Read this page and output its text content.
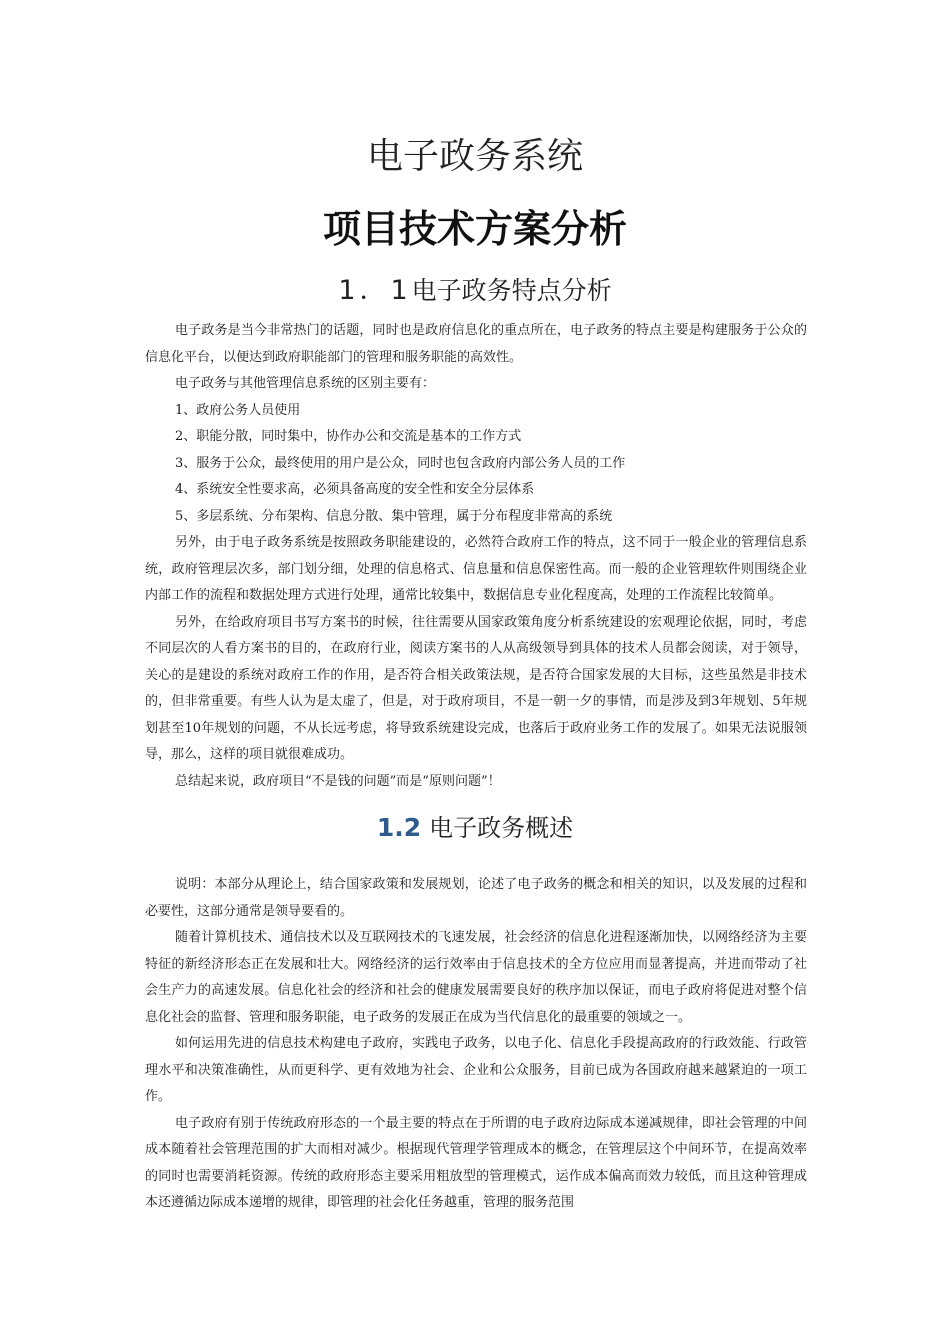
电子政务系统
项目技术方案分析
1．1电子政务特点分析

电子政务是当今非常热门的话题，同时也是政府信息化的重点所在，电子政务的特点主要是构建服务于公众的信息化平台，以便达到政府职能部门的管理和服务职能的高效性。

电子政务与其他管理信息系统的区别主要有：

1、政府公务人员使用

2、职能分散，同时集中，协作办公和交流是基本的工作方式

3、服务于公众，最终使用的用户是公众，同时也包含政府内部公务人员的工作

4、系统安全性要求高，必须具备高度的安全性和安全分层体系

5、多层系统、分布架构、信息分散、集中管理，属于分布程度非常高的系统

另外，由于电子政务系统是按照政务职能建设的，必然符合政府工作的特点，这不同于一般企业的管理信息系统，政府管理层次多，部门划分细，处理的信息格式、信息量和信息保密性高。而一般的企业管理软件则围绕企业内部工作的流程和数据处理方式进行处理，通常比较集中，数据信息专业化程度高，处理的工作流程比较简单。

另外，在给政府项目书写方案书的时候，往往需要从国家政策角度分析系统建设的宏观理论依据，同时，考虑不同层次的人看方案书的目的，在政府行业，阅读方案书的人从高级领导到具体的技术人员都会阅读，对于领导，关心的是建设的系统对政府工作的作用，是否符合相关政策法规，是否符合国家发展的大目标，这些虽然是非技术的，但非常重要。有些人认为是太虚了，但是，对于政府项目，不是一朝一夕的事情，而是涉及到3年规划、5年规划甚至10年规划的问题，不从长远考虑，将导致系统建设完成，也落后于政府业务工作的发展了。如果无法说服领导，那么，这样的项目就很难成功。

总结起来说，政府项目“不是钱的问题”而是“原则问题”！

1.2 电子政务概述

说明：本部分从理论上，结合国家政策和发展规划，论述了电子政务的概念和相关的知识，以及发展的过程和必要性，这部分通常是领导要看的。

随着计算机技术、通信技术以及互联网技术的飞速发展，社会经济的信息化进程逐渐加快，以网络经济为主要特征的新经济形态正在发展和壮大。网络经济的运行效率由于信息技术的全方位应用而显著提高，并进而带动了社会生产力的高速发展。信息化社会的经济和社会的健康发展需要良好的秩序加以保证，而电子政府将促进对整个信息化社会的监督、管理和服务职能，电子政务的发展正在成为当代信息化的最重要的领域之一。

如何运用先进的信息技术构建电子政府，实践电子政务，以电子化、信息化手段提高政府的行政效能、行政管理水平和决策准确性，从而更科学、更有效地为社会、企业和公众服务，目前已成为各国政府越来越紧迫的一项工作。

电子政府有别于传统政府形态的一个最主要的特点在于所谓的电子政府边际成本递减规律，即社会管理的中间成本随着社会管理范围的扩大而相对减少。根据现代管理学管理成本的概念，在管理层这个中间环节，在提高效率的同时也需要消耗资源。传统的政府形态主要采用粗放型的管理模式，运作成本偏高而效力较低，而且这种管理成本还遵循边际成本递增的规律，即管理的社会化任务越重，管理的服务范围
